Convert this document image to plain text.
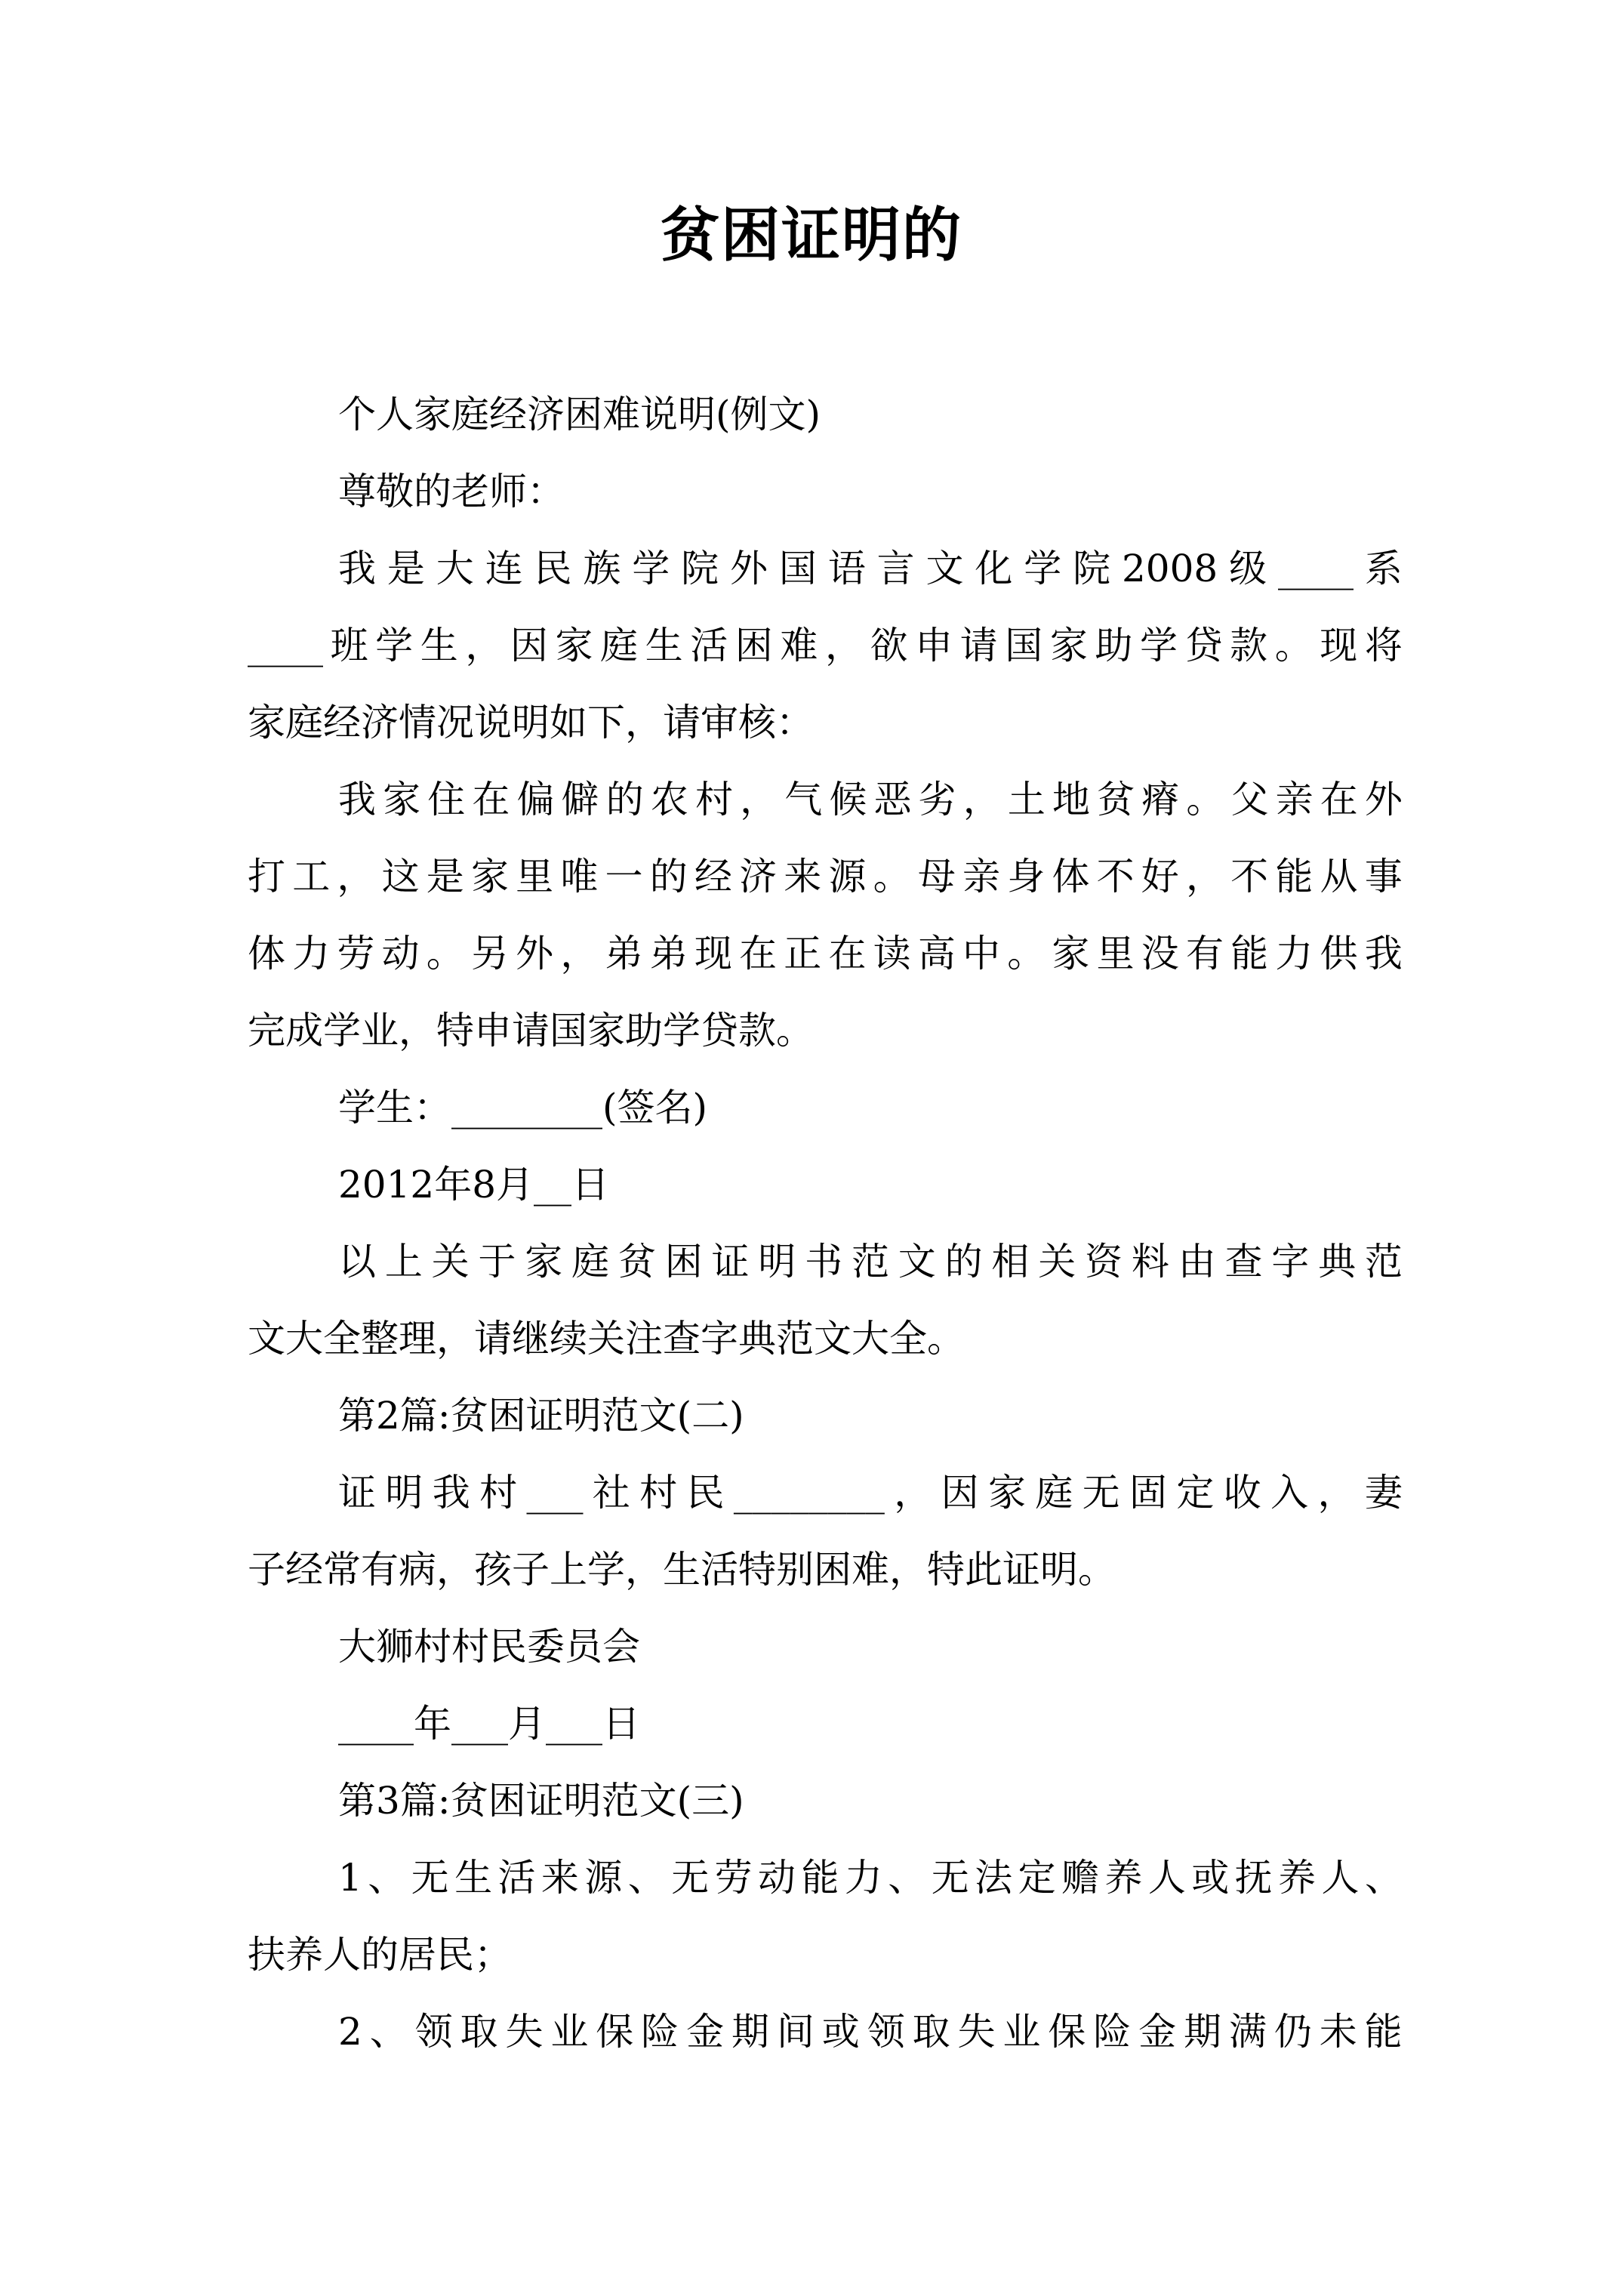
贫困证明的
个人家庭经济困难说明(例文)
尊敬的老师：
我 是 大 连 民 族 学 院 外 国 语 言 文 化 学 院 2008 级 ____ 系
____ 班 学 生 ， 因 家 庭 生 活 困 难 ， 欲 申 请 国 家 助 学 贷 款 。 现 将
家庭经济情况说明如下，请审核：
我 家 住 在 偏 僻 的 农 村 ， 气 候 恶 劣 ， 土 地 贫 瘠 。 父 亲 在 外
打 工 ， 这 是 家 里 唯 一 的 经 济 来 源 。 母 亲 身 体 不 好 ， 不 能 从 事
体 力 劳 动 。 另 外 ， 弟 弟 现 在 正 在 读 高 中 。 家 里 没 有 能 力 供 我
完成学业，特申请国家助学贷款。
学生：________(签名)
2012年8月__日
以 上 关 于 家 庭 贫 困 证 明 书 范 文 的 相 关 资 料 由 查 字 典 范
文大全整理，请继续关注查字典范文大全。
第2篇:贫困证明范文(二)
证 明 我 村 ___ 社 村 民 ________ ， 因 家 庭 无 固 定 收 入 ， 妻
子经常有病，孩子上学，生活特别困难，特此证明。
大狮村村民委员会
____年___月___日
第3篇:贫困证明范文(三)
1 、 无 生 活 来 源 、 无 劳 动 能 力 、 无 法 定 赡 养 人 或 抚 养 人 、
扶养人的居民；
2 、 领 取 失 业 保 险 金 期 间 或 领 取 失 业 保 险 金 期 满 仍 未 能
